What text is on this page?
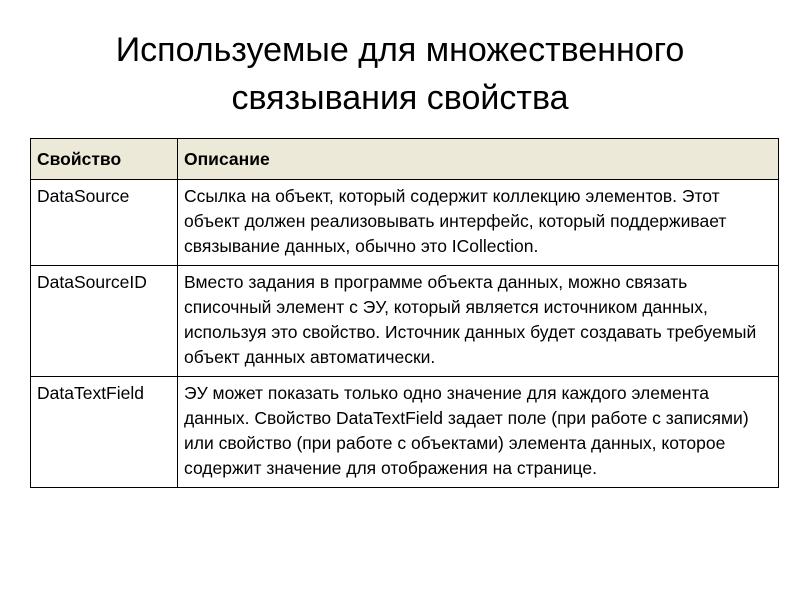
Используемые для множественного
связывания свойства
Свойство	Описание
DataSource	Ссылка на объект, который содержит коллекцию элементов. Этот объект должен реализовывать интерфейс, который поддерживает связывание данных, обычно это ICollection.
DataSourceID	Вместо задания в программе объекта данных, можно связать списочный элемент с ЭУ, который является источником данных, используя это свойство. Источник данных будет создавать требуемый объект данных автоматически.
DataTextField	ЭУ может показать только одно значение для каждого элемента данных. Свойство DataTextField задает поле (при работе с записями) или свойство (при работе с объектами) элемента данных, которое содержит значение для отображения на странице.
